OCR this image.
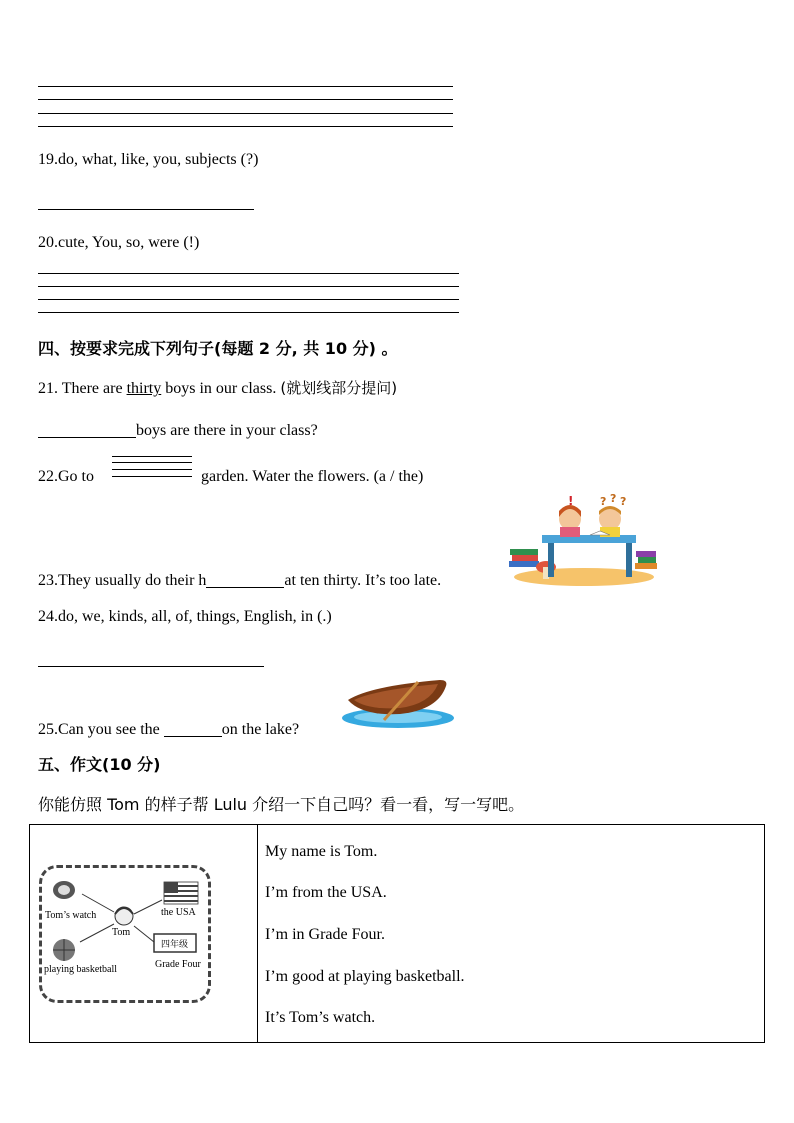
19.do, what, like, you, subjects (?)
20.cute, You, so, were (!)
四、按要求完成下列句子(每题 2 分, 共 10 分) 。
21. There are thirty boys in our class. (就划线部分提问)
boys are there in your class?
22.Go to	garden. Water the flowers. (a / the)
! ? ? ?
23.They usually do their h	at ten thirty. It’s too late.
24.do, we, kinds, all, of, things, English, in (.)
25.Can you see the	on the lake?
五、作文(10 分)
你能仿照 Tom 的样子帮 Lulu 介绍一下自己吗？看一看，写一写吧。
Tom’s watch	the USA
Tom
四年级
playing basketball	Grade Four
My name is Tom.
I’m from the USA.
I’m in Grade Four.
I’m good at playing basketball.
It’s Tom’s watch.
